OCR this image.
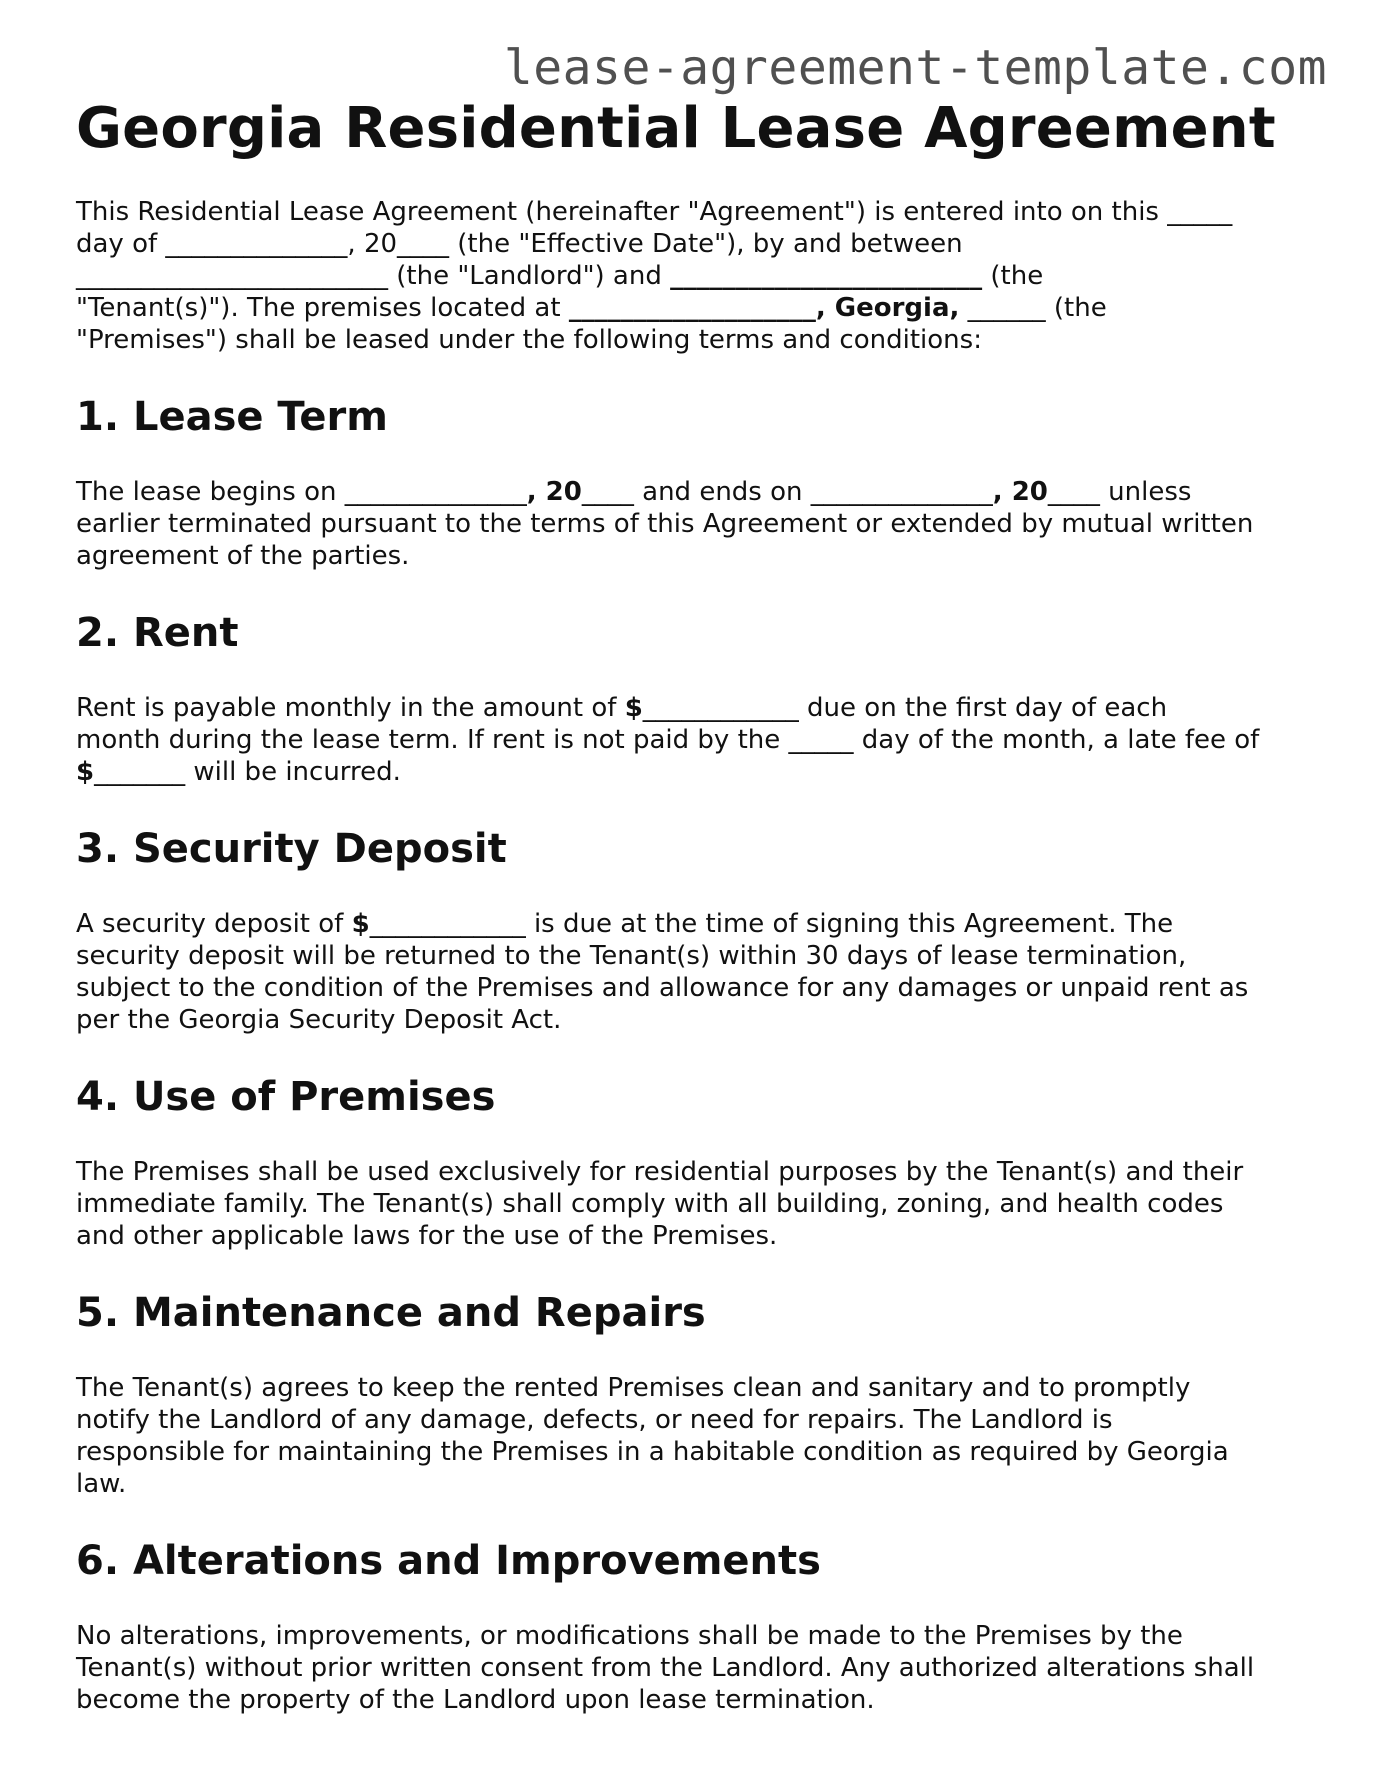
lease-agreement-template.com
Georgia Residential Lease Agreement

This Residential Lease Agreement (hereinafter "Agreement") is entered into on this _____
day of ______________, 20____ (the "Effective Date"), by and between
________________________ (the "Landlord") and ________________________ (the
"Tenant(s)"). The premises located at ___________________, Georgia, ______ (the
"Premises") shall be leased under the following terms and conditions:

1. Lease Term

The lease begins on ______________, 20____ and ends on ______________, 20____ unless
earlier terminated pursuant to the terms of this Agreement or extended by mutual written
agreement of the parties.

2. Rent

Rent is payable monthly in the amount of $____________ due on the first day of each
month during the lease term. If rent is not paid by the _____ day of the month, a late fee of
$_______ will be incurred.

3. Security Deposit

A security deposit of $____________ is due at the time of signing this Agreement. The
security deposit will be returned to the Tenant(s) within 30 days of lease termination,
subject to the condition of the Premises and allowance for any damages or unpaid rent as
per the Georgia Security Deposit Act.

4. Use of Premises

The Premises shall be used exclusively for residential purposes by the Tenant(s) and their
immediate family. The Tenant(s) shall comply with all building, zoning, and health codes
and other applicable laws for the use of the Premises.

5. Maintenance and Repairs

The Tenant(s) agrees to keep the rented Premises clean and sanitary and to promptly
notify the Landlord of any damage, defects, or need for repairs. The Landlord is
responsible for maintaining the Premises in a habitable condition as required by Georgia
law.

6. Alterations and Improvements

No alterations, improvements, or modifications shall be made to the Premises by the
Tenant(s) without prior written consent from the Landlord. Any authorized alterations shall
become the property of the Landlord upon lease termination.
